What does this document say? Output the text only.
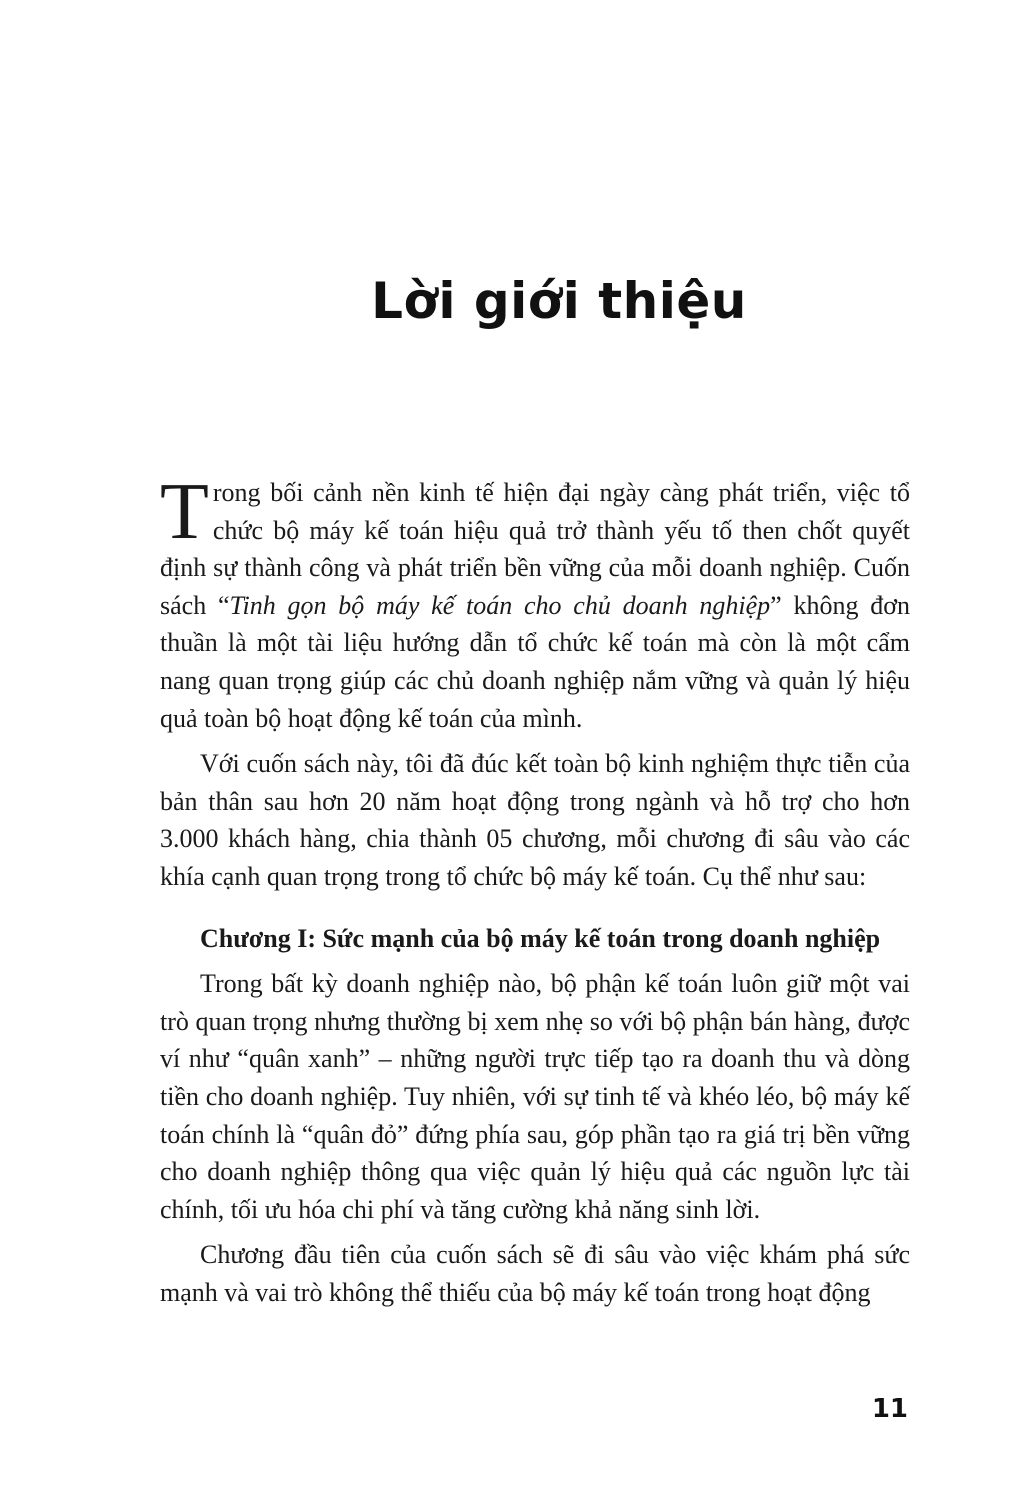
Lời giới thiệu

Trong bối cảnh nền kinh tế hiện đại ngày càng phát triển, việc tổ chức bộ máy kế toán hiệu quả trở thành yếu tố then chốt quyết định sự thành công và phát triển bền vững của mỗi doanh nghiệp. Cuốn sách “Tinh gọn bộ máy kế toán cho chủ doanh nghiệp” không đơn thuần là một tài liệu hướng dẫn tổ chức kế toán mà còn là một cẩm nang quan trọng giúp các chủ doanh nghiệp nắm vững và quản lý hiệu quả toàn bộ hoạt động kế toán của mình.

Với cuốn sách này, tôi đã đúc kết toàn bộ kinh nghiệm thực tiễn của bản thân sau hơn 20 năm hoạt động trong ngành và hỗ trợ cho hơn 3.000 khách hàng, chia thành 05 chương, mỗi chương đi sâu vào các khía cạnh quan trọng trong tổ chức bộ máy kế toán. Cụ thể như sau:

Chương I: Sức mạnh của bộ máy kế toán trong doanh nghiệp

Trong bất kỳ doanh nghiệp nào, bộ phận kế toán luôn giữ một vai trò quan trọng nhưng thường bị xem nhẹ so với bộ phận bán hàng, được ví như “quân xanh” – những người trực tiếp tạo ra doanh thu và dòng tiền cho doanh nghiệp. Tuy nhiên, với sự tinh tế và khéo léo, bộ máy kế toán chính là “quân đỏ” đứng phía sau, góp phần tạo ra giá trị bền vững cho doanh nghiệp thông qua việc quản lý hiệu quả các nguồn lực tài chính, tối ưu hóa chi phí và tăng cường khả năng sinh lời.

Chương đầu tiên của cuốn sách sẽ đi sâu vào việc khám phá sức mạnh và vai trò không thể thiếu của bộ máy kế toán trong hoạt động

11
